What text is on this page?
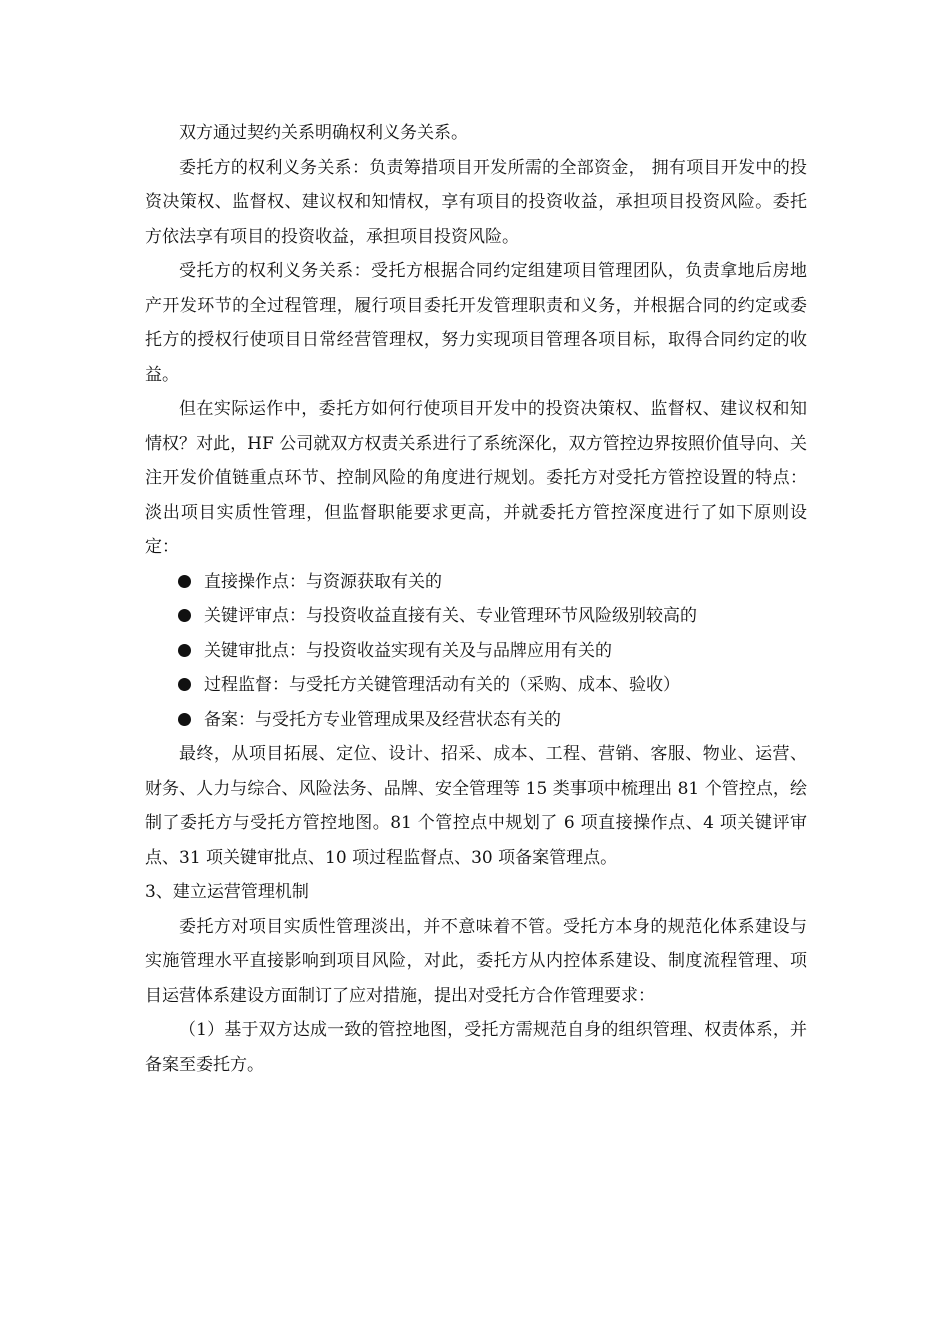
双方通过契约关系明确权利义务关系。

委托方的权利义务关系：负责筹措项目开发所需的全部资金， 拥有项目开发中的投资决策权、监督权、建议权和知情权，享有项目的投资收益，承担项目投资风险。委托方依法享有项目的投资收益，承担项目投资风险。

受托方的权利义务关系：受托方根据合同约定组建项目管理团队，负责拿地后房地产开发环节的全过程管理，履行项目委托开发管理职责和义务，并根据合同的约定或委托方的授权行使项目日常经营管理权，努力实现项目管理各项目标，取得合同约定的收益。

但在实际运作中，委托方如何行使项目开发中的投资决策权、监督权、建议权和知情权？对此，HF 公司就双方权责关系进行了系统深化，双方管控边界按照价值导向、关注开发价值链重点环节、控制风险的角度进行规划。委托方对受托方管控设置的特点：淡出项目实质性管理，但监督职能要求更高，并就委托方管控深度进行了如下原则设定：

直接操作点：与资源获取有关的
关键评审点：与投资收益直接有关、专业管理环节风险级别较高的
关键审批点：与投资收益实现有关及与品牌应用有关的
过程监督：与受托方关键管理活动有关的（采购、成本、验收）
备案：与受托方专业管理成果及经营状态有关的

最终，从项目拓展、定位、设计、招采、成本、工程、营销、客服、物业、运营、财务、人力与综合、风险法务、品牌、安全管理等 15 类事项中梳理出 81 个管控点，绘制了委托方与受托方管控地图。81 个管控点中规划了 6 项直接操作点、4 项关键评审点、31 项关键审批点、10 项过程监督点、30 项备案管理点。

3、建立运营管理机制

委托方对项目实质性管理淡出，并不意味着不管。受托方本身的规范化体系建设与实施管理水平直接影响到项目风险，对此，委托方从内控体系建设、制度流程管理、项目运营体系建设方面制订了应对措施，提出对受托方合作管理要求：

（1）基于双方达成一致的管控地图，受托方需规范自身的组织管理、权责体系，并备案至委托方。
